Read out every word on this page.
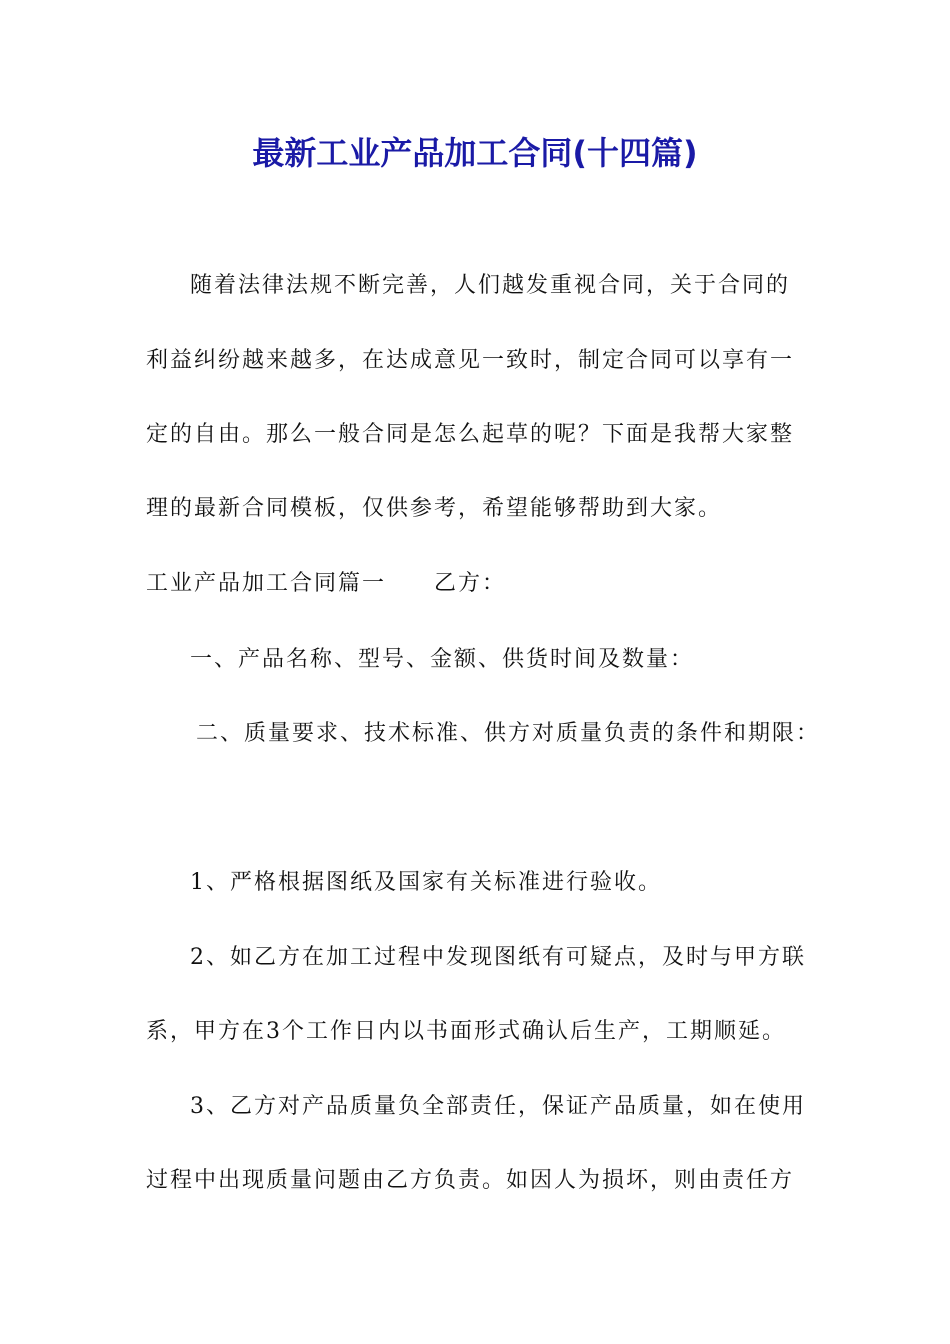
最新工业产品加工合同(十四篇)
随着法律法规不断完善，人们越发重视合同，关于合同的
利益纠纷越来越多，在达成意见一致时，制定合同可以享有一
定的自由。那么一般合同是怎么起草的呢？下面是我帮大家整
理的最新合同模板，仅供参考，希望能够帮助到大家。
工业产品加工合同篇一　　乙方：
一、产品名称、型号、金额、供货时间及数量：
二、质量要求、技术标准、供方对质量负责的条件和期限：
1、严格根据图纸及国家有关标准进行验收。
2、如乙方在加工过程中发现图纸有可疑点，及时与甲方联
系，甲方在3个工作日内以书面形式确认后生产，工期顺延。
3、乙方对产品质量负全部责任，保证产品质量，如在使用
过程中出现质量问题由乙方负责。如因人为损坏，则由责任方
